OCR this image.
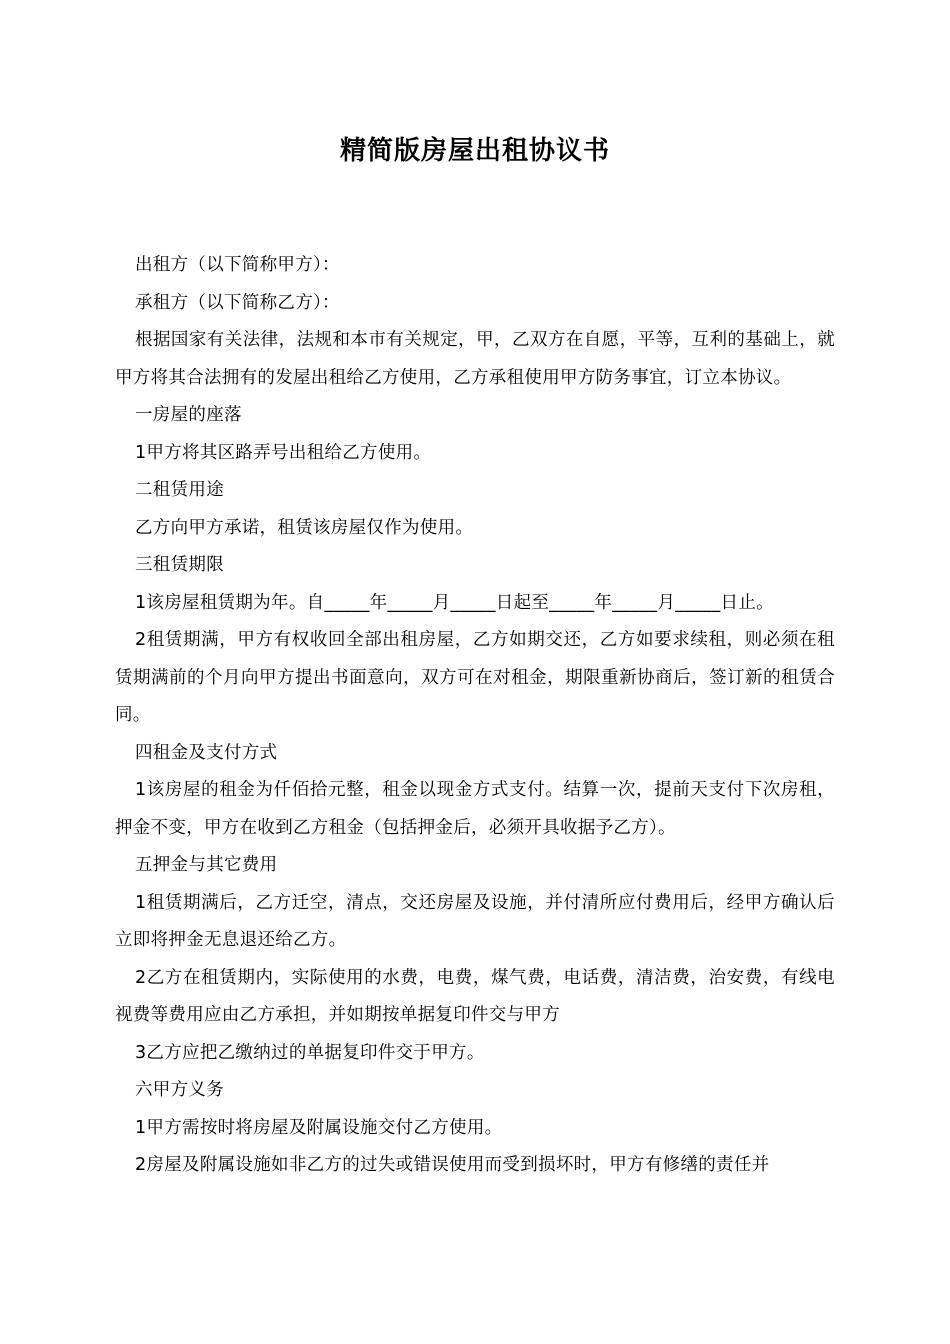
精简版房屋出租协议书

出租方（以下简称甲方）：

承租方（以下简称乙方）：

根据国家有关法律，法规和本市有关规定，甲，乙双方在自愿，平等，互利的基础上，就甲方将其合法拥有的发屋出租给乙方使用，乙方承租使用甲方防务事宜，订立本协议。

一房屋的座落

1甲方将其区路弄号出租给乙方使用。

二租赁用途

乙方向甲方承诺，租赁该房屋仅作为使用。

三租赁期限

1该房屋租赁期为年。自_____年_____月_____日起至_____年_____月_____日止。

2租赁期满，甲方有权收回全部出租房屋，乙方如期交还，乙方如要求续租，则必须在租赁期满前的个月向甲方提出书面意向，双方可在对租金，期限重新协商后，签订新的租赁合同。

四租金及支付方式

1该房屋的租金为仟佰拾元整，租金以现金方式支付。结算一次，提前天支付下次房租，押金不变，甲方在收到乙方租金（包括押金后，必须开具收据予乙方）。

五押金与其它费用

1租赁期满后，乙方迁空，清点，交还房屋及设施，并付清所应付费用后，经甲方确认后立即将押金无息退还给乙方。

2乙方在租赁期内，实际使用的水费，电费，煤气费，电话费，清洁费，治安费，有线电视费等费用应由乙方承担，并如期按单据复印件交与甲方

3乙方应把乙缴纳过的单据复印件交于甲方。

六甲方义务

1甲方需按时将房屋及附属设施交付乙方使用。

2房屋及附属设施如非乙方的过失或错误使用而受到损坏时，甲方有修缮的责任并
